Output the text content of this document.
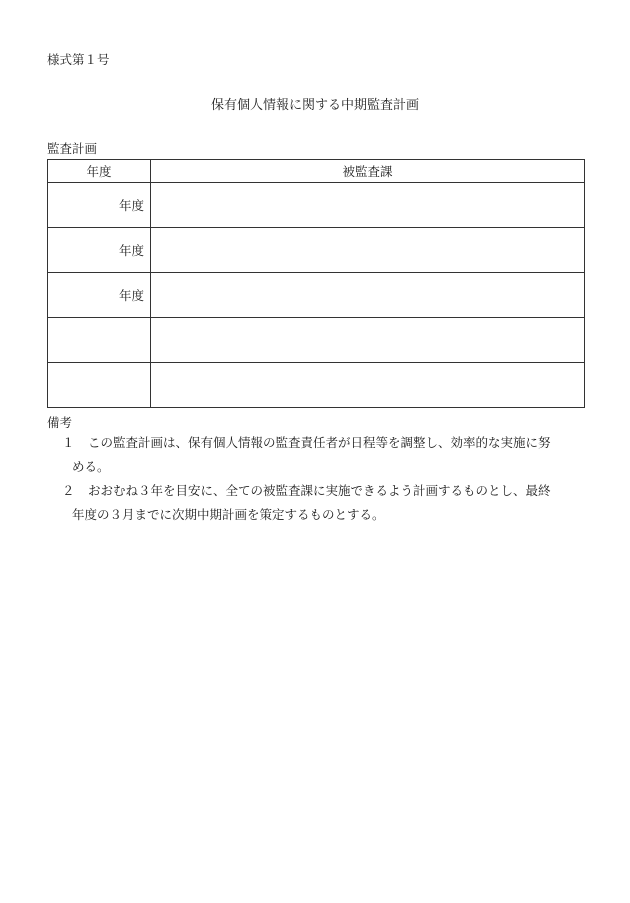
様式第１号
保有個人情報に関する中期監査計画
監査計画
年度	被監査課
年度	
年度	
年度	

備考
１ この監査計画は、保有個人情報の監査責任者が日程等を調整し、効率的な実施に努
める。
２ おおむね３年を目安に、全ての被監査課に実施できるよう計画するものとし、最終
年度の３月までに次期中期計画を策定するものとする。
